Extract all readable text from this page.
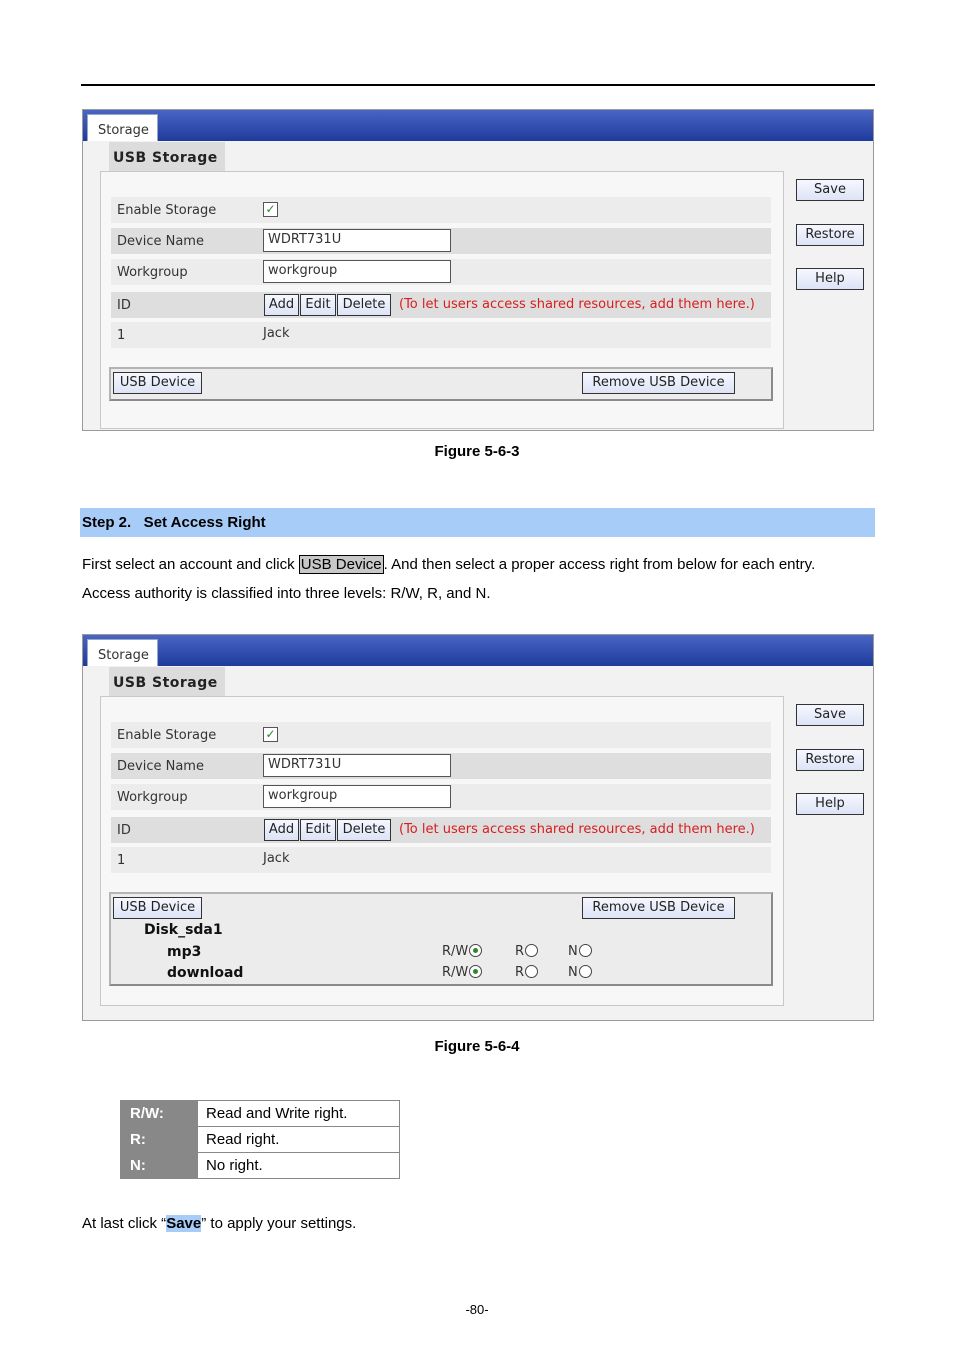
Storage
USB Storage
Enable Storage	✓
Device Name	WDRT731U
Workgroup	workgroup
ID	Add Edit Delete	(To let users access shared resources, add them here.)
1	Jack
USB Device	Remove USB Device
Save
Restore
Help
Figure 5-6-3
Step 2.   Set Access Right
First select an account and click USB Device . And then select a proper access right from below for each entry.
Access authority is classified into three levels: R/W, R, and N.
Storage
USB Storage
Enable Storage	✓
Device Name	WDRT731U
Workgroup	workgroup
ID	Add Edit Delete	(To let users access shared resources, add them here.)
1	Jack
USB Device	Remove USB Device
Disk_sda1
mp3	R/W	R	N
download	R/W	R	N
Save
Restore
Help
Figure 5-6-4
R/W:	Read and Write right.
R:	Read right.
N:	No right.
At last click “Save” to apply your settings.
-80-
